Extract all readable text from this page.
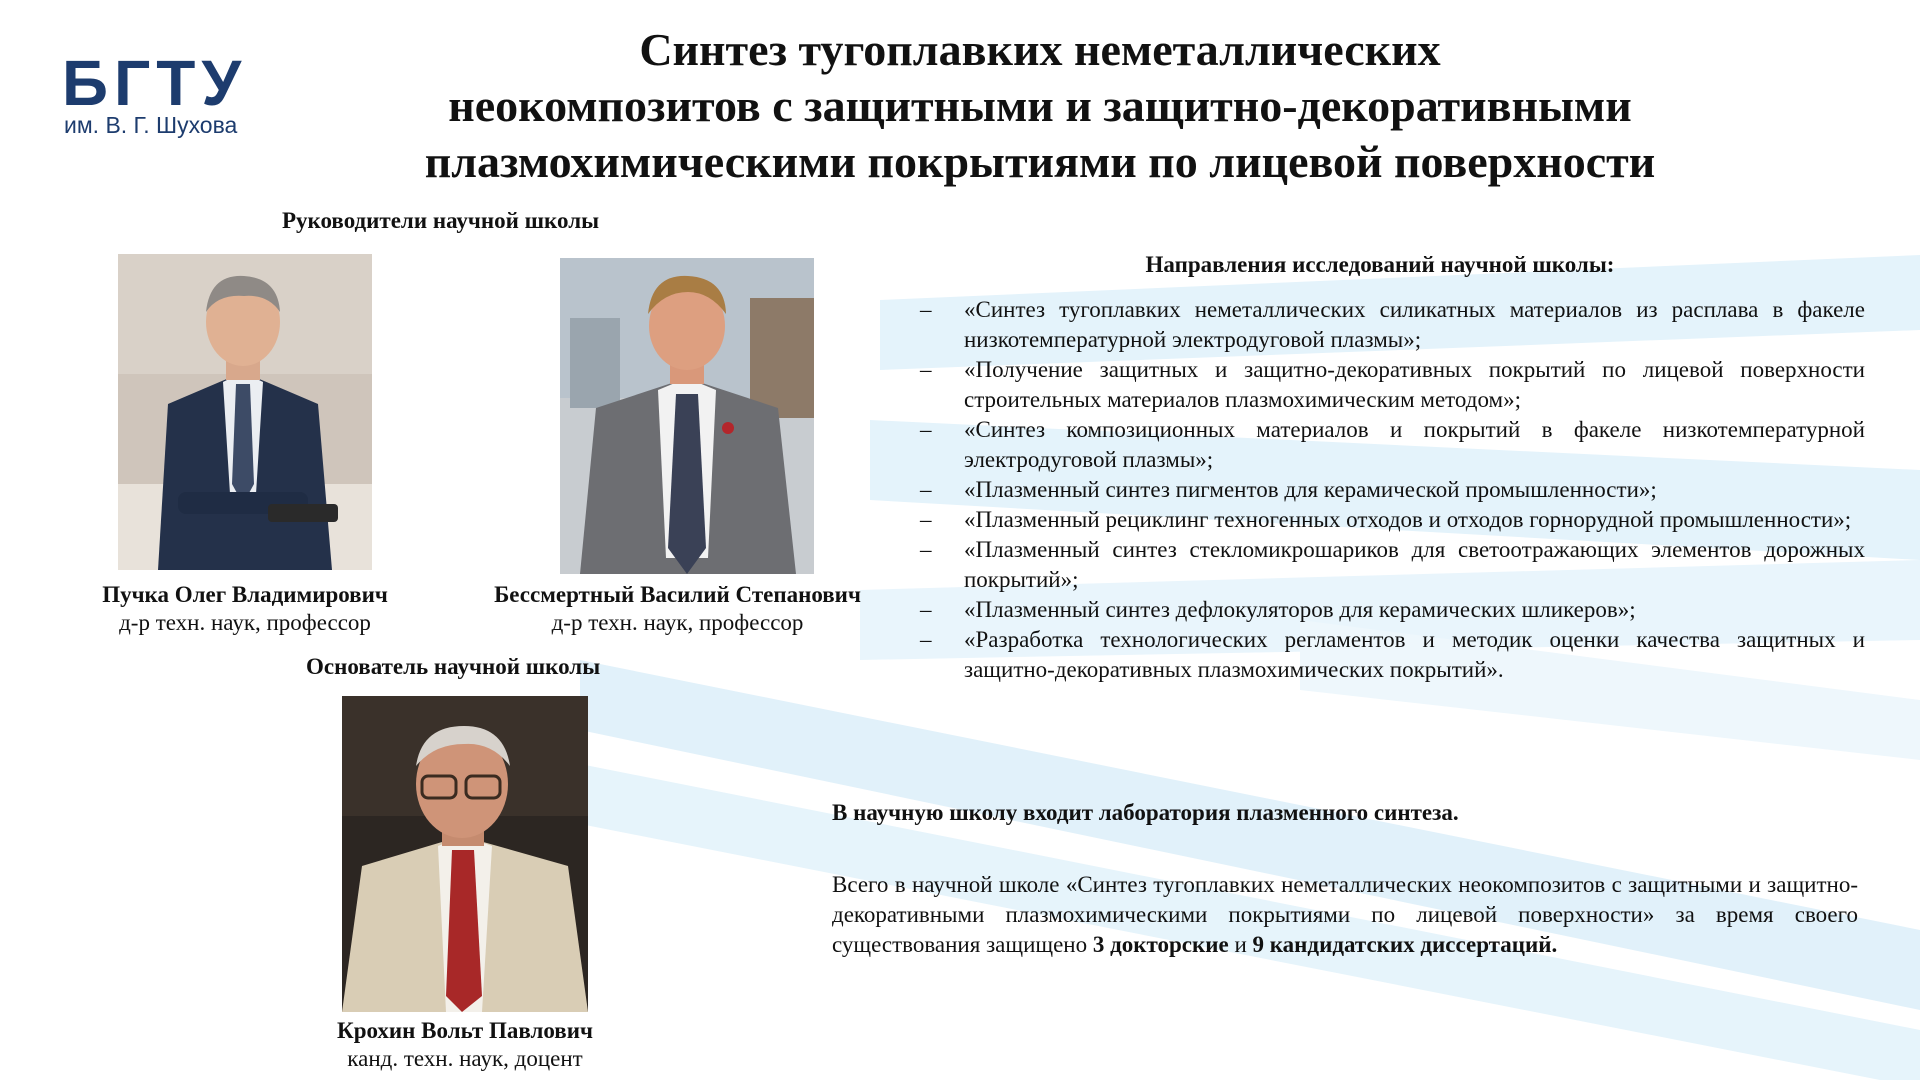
БГТУ
им. В. Г. Шухова
Синтез тугоплавких неметаллических
неокомпозитов с защитными и защитно-декоративными
плазмохимическими покрытиями по лицевой поверхности
Руководители научной школы
Пучка Олег Владимирович
д-р техн. наук, профессор
Бессмертный Василий Степанович
д-р техн. наук, профессор
Основатель научной школы
Крохин Вольт Павлович
канд. техн. наук, доцент
Направления исследований научной школы:
– «Синтез тугоплавких неметаллических силикатных материалов из расплава в факеле низкотемпературной электродуговой плазмы»;
– «Получение защитных и защитно-декоративных покрытий по лицевой поверхности строительных материалов плазмохимическим методом»;
– «Синтез композиционных материалов и покрытий в факеле низкотемпературной электродуговой плазмы»;
– «Плазменный синтез пигментов для керамической промышленности»;
– «Плазменный рециклинг техногенных отходов и отходов горнорудной промышленности»;
– «Плазменный синтез стекломикрошариков для светоотражающих элементов дорожных покрытий»;
– «Плазменный синтез дефлокуляторов для керамических шликеров»;
– «Разработка технологических регламентов и методик оценки качества защитных и защитно-декоративных плазмохимических покрытий».
В научную школу входит лаборатория плазменного синтеза.
Всего в научной школе «Синтез тугоплавких неметаллических неокомпозитов с защитными и защитно-декоративными плазмохимическими покрытиями по лицевой поверхности» за время своего существования защищено 3 докторские и 9 кандидатских диссертаций.
